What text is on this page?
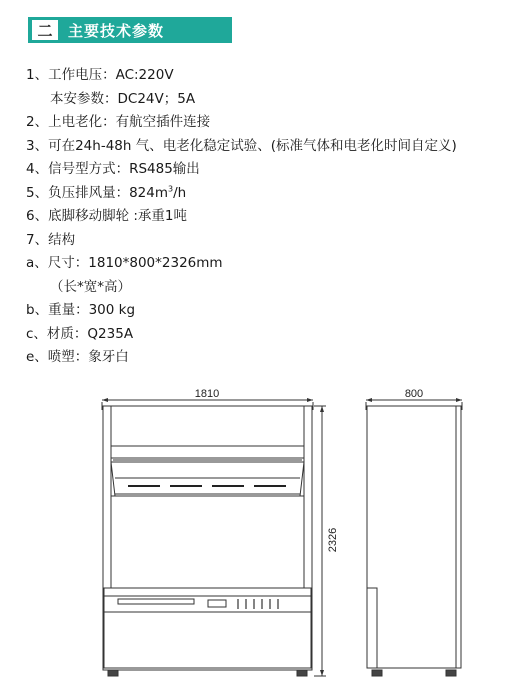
二	主要技术参数
1、工作电压：AC:220V
本安参数：DC24V；5A
2、上电老化：有航空插件连接
3、可在24h-48h 气、电老化稳定试验、(标准气体和电老化时间自定义)
4、信号型方式：RS485输出
5、负压排风量：$824m^3/h$
6、底脚移动脚轮 :承重1吨
7、结构
a、尺寸：1810*800*2326mm
（长*宽*高）
b、重量：300 kg
c、材质：Q235A
e、喷塑：象牙白
1810	800
2326
